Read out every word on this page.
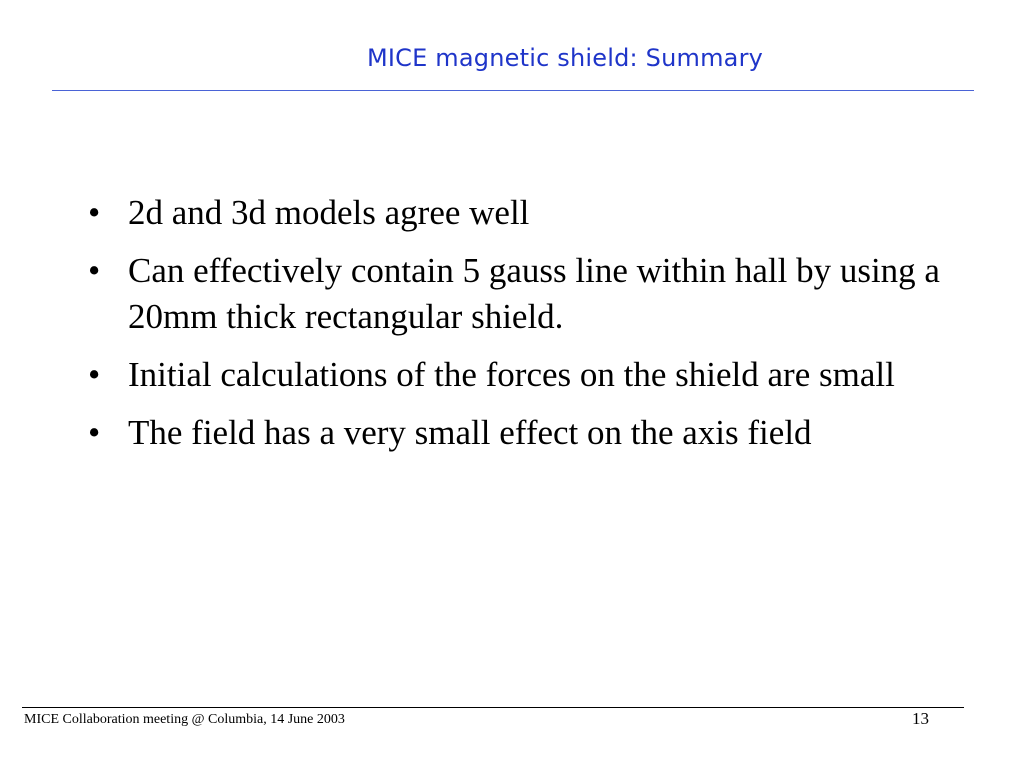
MICE magnetic shield: Summary
• 2d and 3d models agree well
• Can effectively contain 5 gauss line within hall by using a 20mm thick rectangular shield.
• Initial calculations of the forces on the shield are small
• The field has a very small effect on the axis field
MICE Collaboration meeting @ Columbia, 14 June 2003	13
